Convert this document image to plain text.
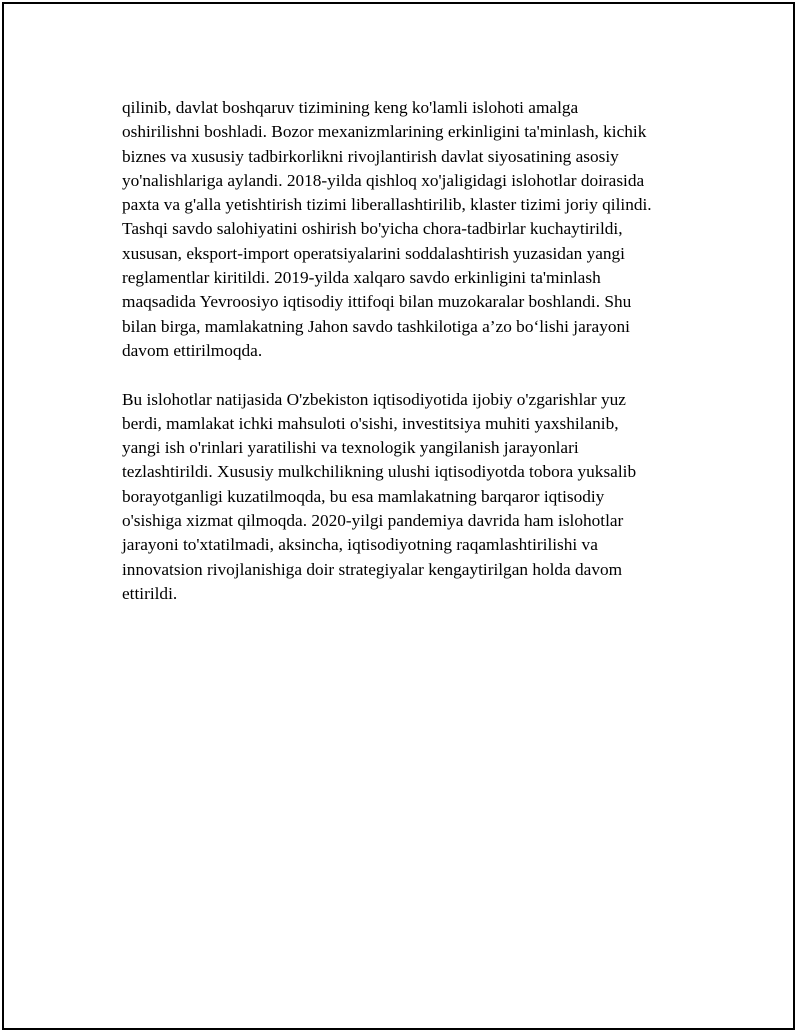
qilinib, davlat boshqaruv tizimining keng ko'lamli islohoti amalga
oshirilishni boshladi. Bozor mexanizmlarining erkinligini ta'minlash, kichik
biznes va xususiy tadbirkorlikni rivojlantirish davlat siyosatining asosiy
yo'nalishlariga aylandi. 2018-yilda qishloq xo'jaligidagi islohotlar doirasida
paxta va g'alla yetishtirish tizimi liberallashtirilib, klaster tizimi joriy qilindi.
Tashqi savdo salohiyatini oshirish bo'yicha chora-tadbirlar kuchaytirildi,
xususan, eksport-import operatsiyalarini soddalashtirish yuzasidan yangi
reglamentlar kiritildi. 2019-yilda xalqaro savdo erkinligini ta'minlash
maqsadida Yevroosiyo iqtisodiy ittifoqi bilan muzokaralar boshlandi. Shu
bilan birga, mamlakatning Jahon savdo tashkilotiga a’zo bo‘lishi jarayoni
davom ettirilmoqda.

Bu islohotlar natijasida O'zbekiston iqtisodiyotida ijobiy o'zgarishlar yuz
berdi, mamlakat ichki mahsuloti o'sishi, investitsiya muhiti yaxshilanib,
yangi ish o'rinlari yaratilishi va texnologik yangilanish jarayonlari
tezlashtirildi. Xususiy mulkchilikning ulushi iqtisodiyotda tobora yuksalib
borayotganligi kuzatilmoqda, bu esa mamlakatning barqaror iqtisodiy
o'sishiga xizmat qilmoqda. 2020-yilgi pandemiya davrida ham islohotlar
jarayoni to'xtatilmadi, aksincha, iqtisodiyotning raqamlashtirilishi va
innovatsion rivojlanishiga doir strategiyalar kengaytirilgan holda davom
ettirildi.
